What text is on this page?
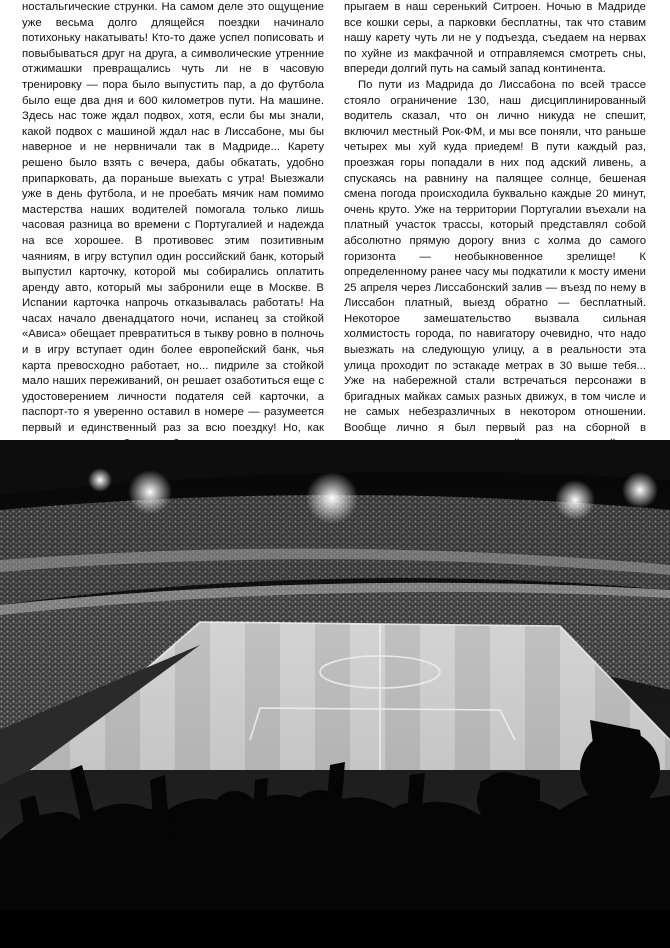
ностальгические струнки. На самом деле это ощущение уже весьма долго длящейся поездки начинало потихоньку накатывать! Кто-то даже успел пописовать и повыбываться друг на друга, а символические утренние отжимашки превращались чуть ли не в часовую тренировку — пора было выпустить пар, а до футбола было еще два дня и 600 километров пути. На машине. Здесь нас тоже ждал подвох, хотя, если бы мы знали, какой подвох с машиной ждал нас в Лиссабоне, мы бы наверное и не нервничали так в Мадриде... Карету решено было взять с вечера, дабы обкатать, удобно припарковать, да пораньше выехать с утра! Выезжали уже в день футбола, и не проебать мячик нам помимо мастерства наших водителей помогала только лишь часовая разница во времени с Португалией и надежда на все хорошее. В противовес этим позитивным чаяниям, в игру вступил один российский банк, который выпустил карточку, которой мы собирались оплатить аренду авто, который мы забронили еще в Москве. В Испании карточка напрочь отказывалась работать! На часах начало двенадцатого ночи, испанец за стойкой «Ависа» обещает превратиться в тыкву ровно в полночь и в игру вступает один более европейский банк, чья карта превосходно работает, но... пидриле за стойкой мало наших переживаний, он решает озаботиться еще с удостоверением личности подателя сей карточки, а паспорт-то я уверенно оставил в номере — разумеется первый и единственный раз за всю поездку! Но, как

прыгаем в наш серенький Ситроен. Ночью в Мадриде все кошки серы, а парковки бесплатны, так что ставим нашу карету чуть ли не у подъезда, съедаем на нервах по хуйне из макфачной и отправляемся смотреть сны, впереди долгий путь на самый запад континента.

По пути из Мадрида до Лиссабона по всей трассе стояло ограничение 130, наш дисциплинированный водитель сказал, что он лично никуда не спешит, включил местный Рок-ФМ, и мы все поняли, что раньше четырех мы хуй куда приедем! В пути каждый раз, проезжая горы попадали в них под адский ливень, а спускаясь на равнину на палящее солнце, бешеная смена погода происходила буквально каждые 20 минут, очень круто. Уже на территории Португалии въехали на платный участок трассы, который представлял собой абсолютно прямую дорогу вниз с холма до самого горизонта — необыкновенное зрелище! К определенному ранее часу мы подкатили к мосту имени 25 апреля через Лиссабонский залив — въезд по нему в Лиссабон платный, выезд обратно — бесплатный. Некоторое замешательство вызвала сильная холмистость города, по навигатору очевидно, что надо выезжать на следующую улицу, а в реальности эта улица проходит по эстакаде метрах в 30 выше тебя... Уже на набережной стали встречаться персонажи в бригадных майках самых разных движух, в том числе и не самых небезразличных в некотором отношении. Вообще лично я был первый раз на сборной в
